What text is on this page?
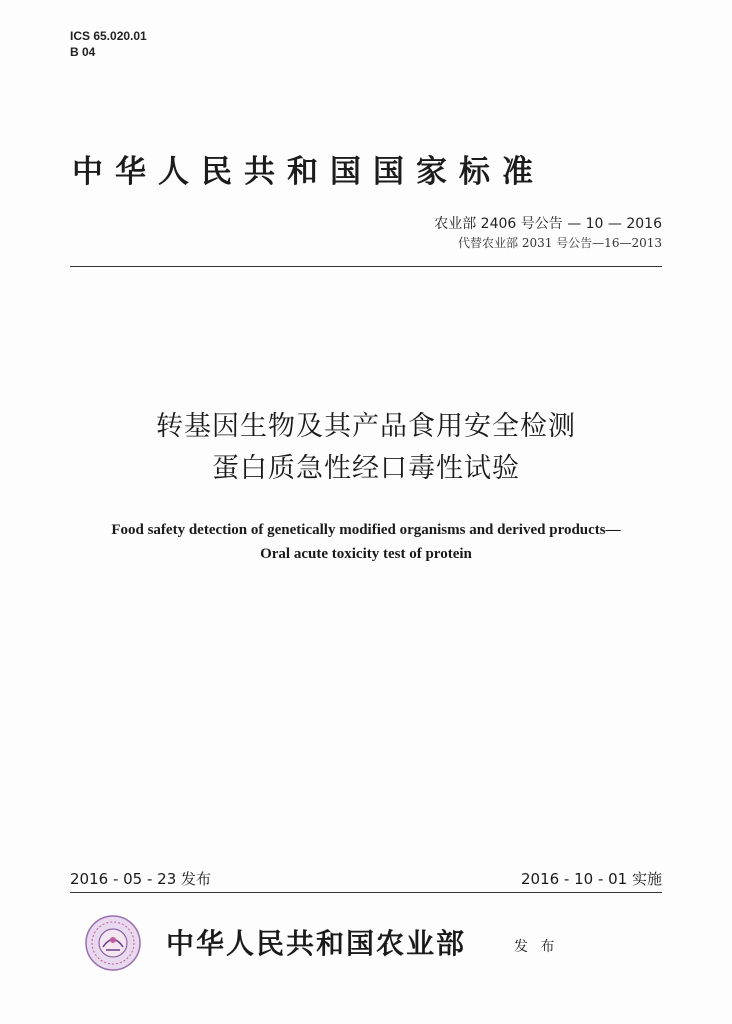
ICS 65.020.01
B 04
中华人民共和国国家标准
农业部 2406 号公告 — 10 — 2016
代替农业部 2031 号公告—16—2013
转基因生物及其产品食用安全检测
蛋白质急性经口毒性试验
Food safety detection of genetically modified organisms and derived products—
Oral acute toxicity test of protein
2016 - 05 - 23 发布	2016 - 10 - 01 实施
中华人民共和国农业部	发 布
